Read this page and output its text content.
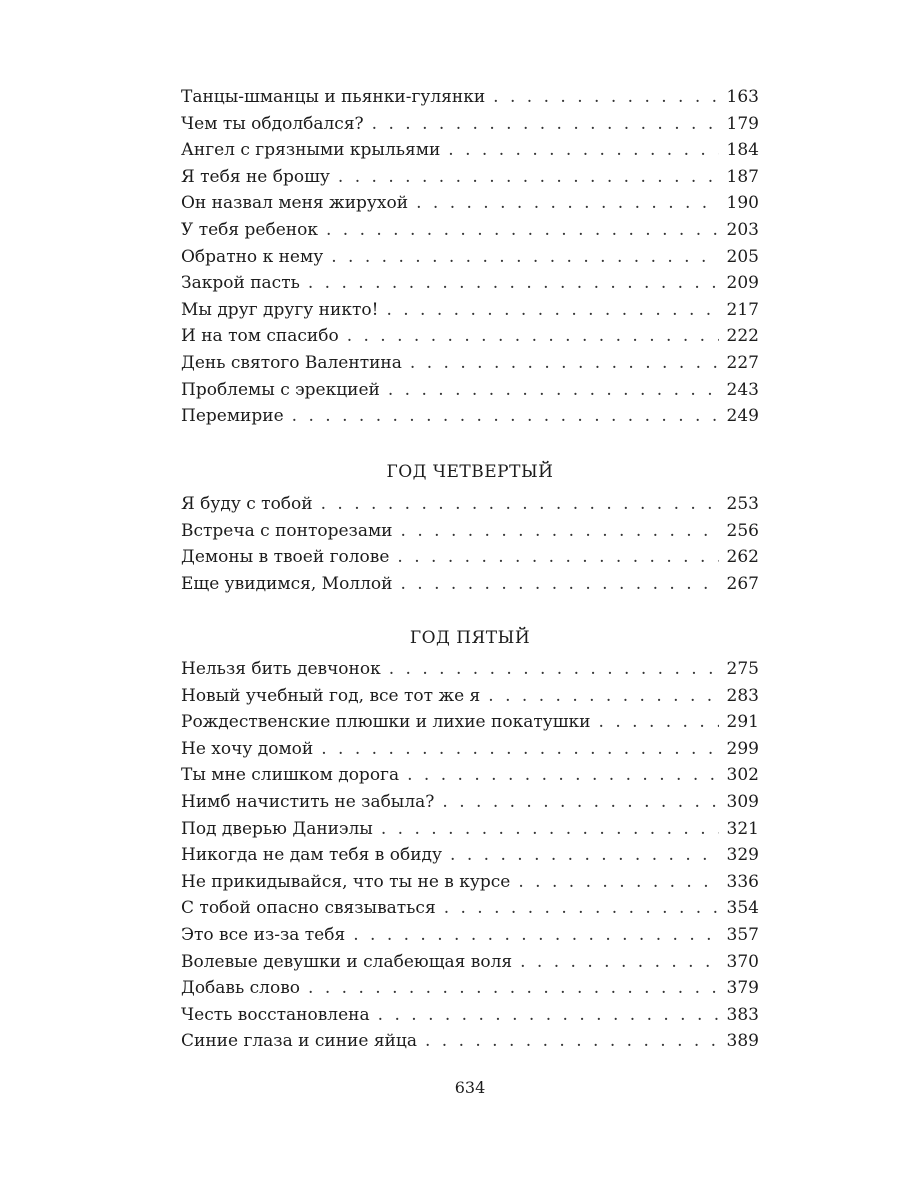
Танцы-шманцы и пьянки-гулянки . . .	163
Чем ты обдолбался? . . .	179
Ангел с грязными крыльями . . .	184
Я тебя не брошу . . .	187
Он назвал меня жирухой . . .	190
У тебя ребенок . . .	203
Обратно к нему . . .	205
Закрой пасть . . .	209
Мы друг другу никто! . . .	217
И на том спасибо . . .	222
День святого Валентина . . .	227
Проблемы с эрекцией . . .	243
Перемирие . . .	249
ГОД ЧЕТВЕРТЫЙ
Я буду с тобой . . .	253
Встреча с понторезами . . .	256
Демоны в твоей голове . . .	262
Еще увидимся, Моллой . . .	267
ГОД ПЯТЫЙ
Нельзя бить девчонок . . .	275
Новый учебный год, все тот же я . . .	283
Рождественские плюшки и лихие покатушки . . .	291
Не хочу домой . . .	299
Ты мне слишком дорога . . .	302
Нимб начистить не забыла? . . .	309
Под дверью Даниэлы . . .	321
Никогда не дам тебя в обиду . . .	329
Не прикидывайся, что ты не в курсе . . .	336
С тобой опасно связываться . . .	354
Это все из-за тебя . . .	357
Волевые девушки и слабеющая воля . . .	370
Добавь слово . . .	379
Честь восстановлена . . .	383
Синие глаза и синие яйца . . .	389
634
